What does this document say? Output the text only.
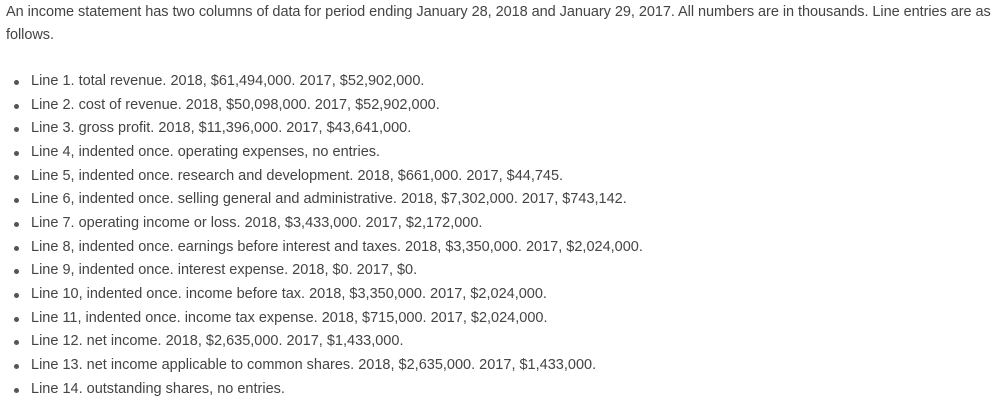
An income statement has two columns of data for period ending January 28, 2018 and January 29, 2017. All numbers are in thousands. Line entries are as follows.

Line 1. total revenue. 2018, $61,494,000. 2017, $52,902,000.
Line 2. cost of revenue. 2018, $50,098,000. 2017, $52,902,000.
Line 3. gross profit. 2018, $11,396,000. 2017, $43,641,000.
Line 4, indented once. operating expenses, no entries.
Line 5, indented once. research and development. 2018, $661,000. 2017, $44,745.
Line 6, indented once. selling general and administrative. 2018, $7,302,000. 2017, $743,142.
Line 7. operating income or loss. 2018, $3,433,000. 2017, $2,172,000.
Line 8, indented once. earnings before interest and taxes. 2018, $3,350,000. 2017, $2,024,000.
Line 9, indented once. interest expense. 2018, $0. 2017, $0.
Line 10, indented once. income before tax. 2018, $3,350,000. 2017, $2,024,000.
Line 11, indented once. income tax expense. 2018, $715,000. 2017, $2,024,000.
Line 12. net income. 2018, $2,635,000. 2017, $1,433,000.
Line 13. net income applicable to common shares. 2018, $2,635,000. 2017, $1,433,000.
Line 14. outstanding shares, no entries.
